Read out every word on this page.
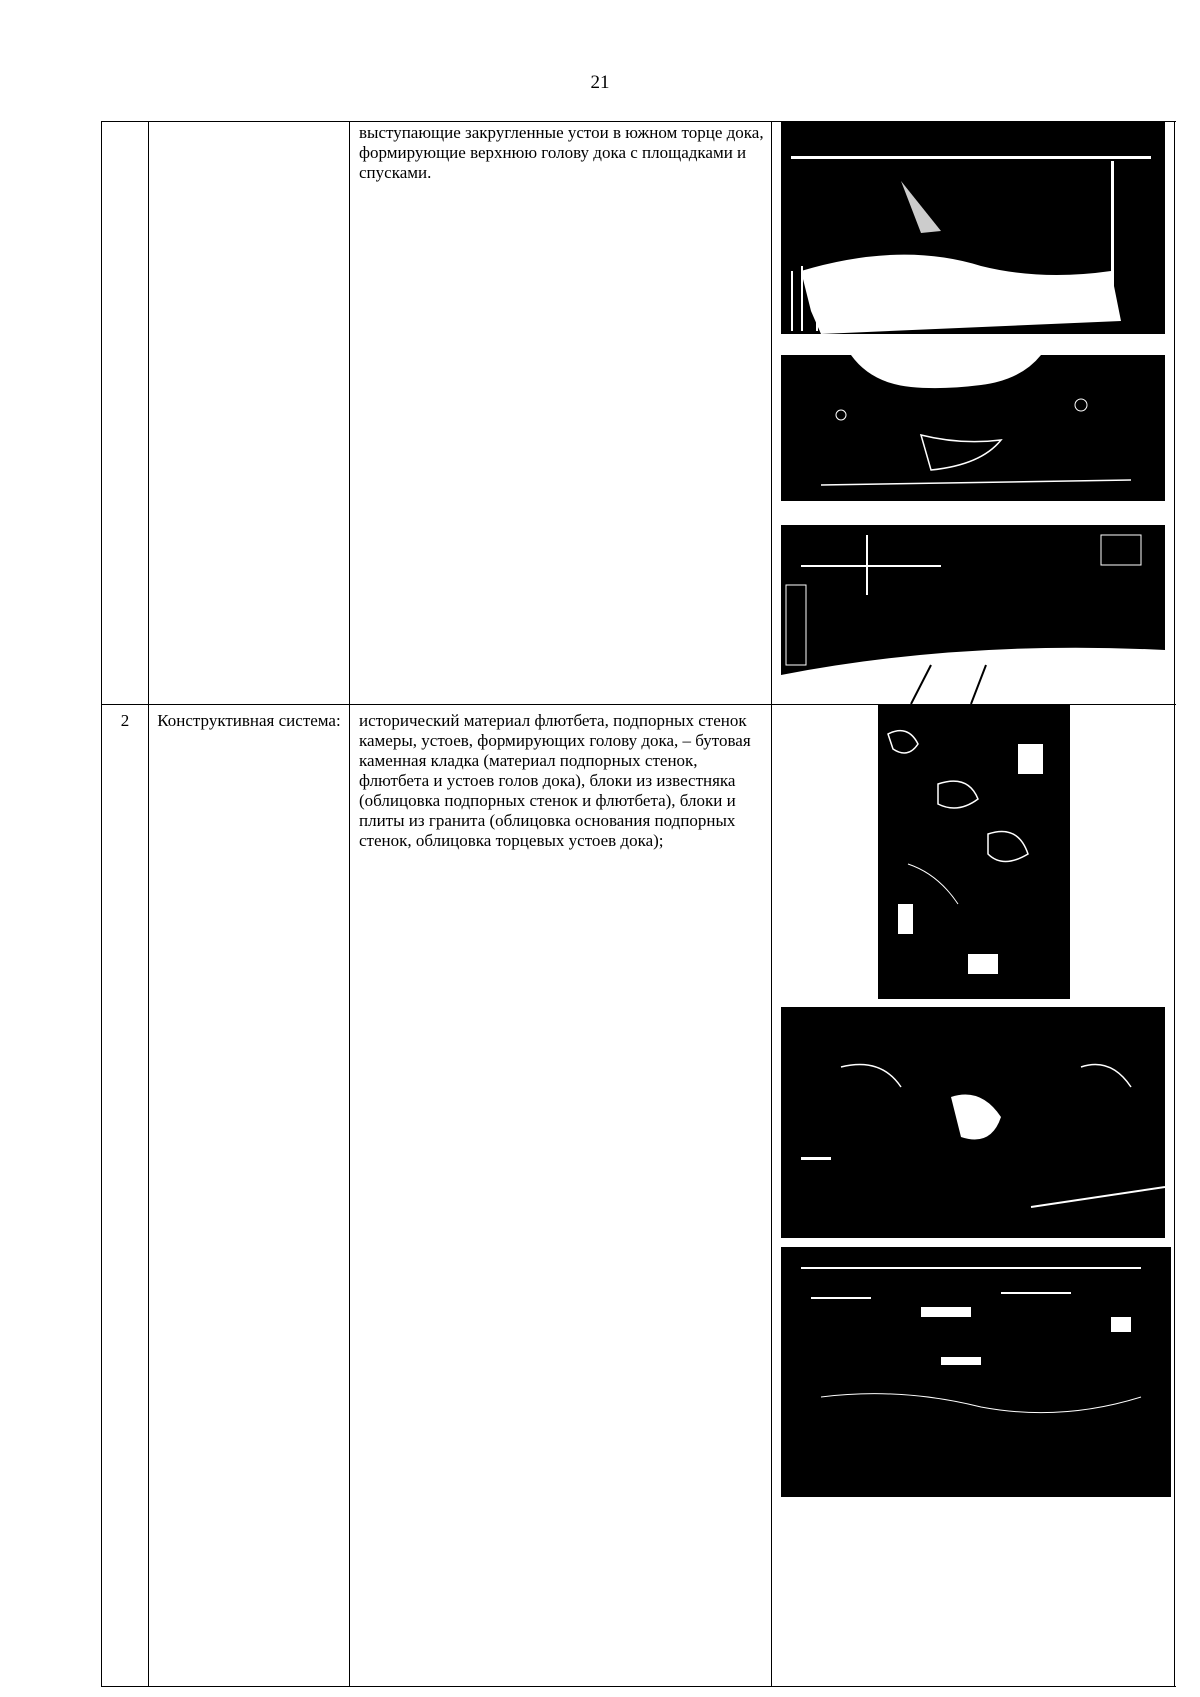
21
выступающие закругленные устои в южном торце дока, формирующие верхнюю голову дока с площадками и спусками.
2	Конструктивная система: исторический материал флютбета, подпорных стенок камеры, устоев, формирующих голову дока, – бутовая каменная кладка (материал подпорных стенок, флютбета и устоев голов дока), блоки из известняка (облицовка подпорных стенок и флютбета), блоки и плиты из гранита (облицовка основания подпорных стенок, облицовка торцевых устоев дока);
